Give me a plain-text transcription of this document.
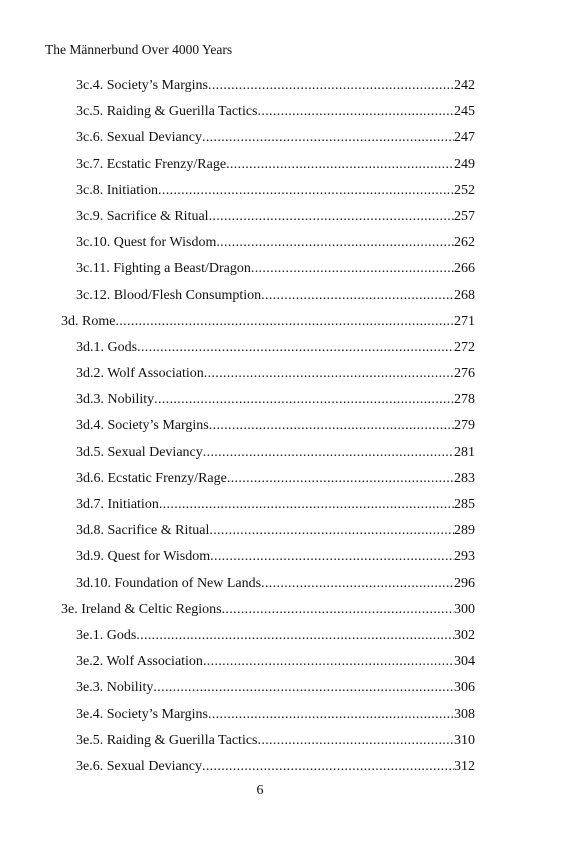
The Männerbund Over 4000 Years
3c.4. Society’s Margins .....	242
3c.5. Raiding & Guerilla Tactics .....	245
3c.6. Sexual Deviancy .....	247
3c.7. Ecstatic Frenzy/Rage .....	249
3c.8. Initiation .....	252
3c.9. Sacrifice & Ritual .....	257
3c.10. Quest for Wisdom .....	262
3c.11. Fighting a Beast/Dragon .....	266
3c.12. Blood/Flesh Consumption .....	268
3d. Rome .....	271
3d.1. Gods .....	272
3d.2. Wolf Association .....	276
3d.3. Nobility .....	278
3d.4. Society’s Margins .....	279
3d.5. Sexual Deviancy .....	281
3d.6. Ecstatic Frenzy/Rage .....	283
3d.7. Initiation .....	285
3d.8. Sacrifice & Ritual .....	289
3d.9. Quest for Wisdom .....	293
3d.10. Foundation of New Lands .....	296
3e. Ireland & Celtic Regions .....	300
3e.1. Gods .....	302
3e.2. Wolf Association .....	304
3e.3. Nobility .....	306
3e.4. Society’s Margins .....	308
3e.5. Raiding & Guerilla Tactics .....	310
3e.6. Sexual Deviancy .....	312
6
